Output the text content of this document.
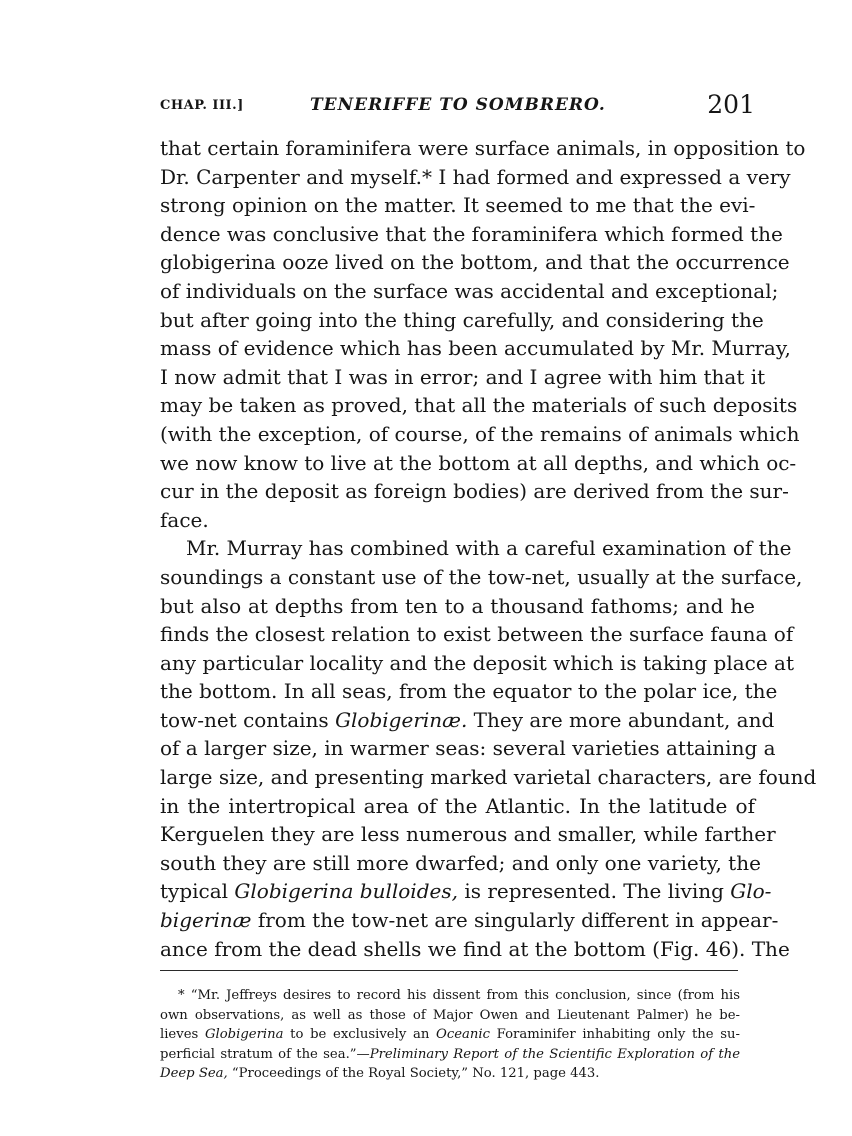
CHAP. III.]	TENERIFFE TO SOMBRERO.	201
that certain foraminifera were surface animals, in opposition to
Dr. Carpenter and myself.* I had formed and expressed a very
strong opinion on the matter. It seemed to me that the evi-
dence was conclusive that the foraminifera which formed the
globigerina ooze lived on the bottom, and that the occurrence
of individuals on the surface was accidental and exceptional;
but after going into the thing carefully, and considering the
mass of evidence which has been accumulated by Mr. Murray,
I now admit that I was in error; and I agree with him that it
may be taken as proved, that all the materials of such deposits
(with the exception, of course, of the remains of animals which
we now know to live at the bottom at all depths, and which oc-
cur in the deposit as foreign bodies) are derived from the sur-
face.
Mr. Murray has combined with a careful examination of the
soundings a constant use of the tow-net, usually at the surface,
but also at depths from ten to a thousand fathoms; and he
finds the closest relation to exist between the surface fauna of
any particular locality and the deposit which is taking place at
the bottom. In all seas, from the equator to the polar ice, the
tow-net contains Globigerinæ. They are more abundant, and
of a larger size, in warmer seas: several varieties attaining a
large size, and presenting marked varietal characters, are found
in the intertropical area of the Atlantic. In the latitude of
Kerguelen they are less numerous and smaller, while farther
south they are still more dwarfed; and only one variety, the
typical Globigerina bulloides, is represented. The living Glo-
bigerinæ from the tow-net are singularly different in appear-
ance from the dead shells we find at the bottom (Fig. 46). The
* “Mr. Jeffreys desires to record his dissent from this conclusion, since (from his
own observations, as well as those of Major Owen and Lieutenant Palmer) he be-
lieves Globigerina to be exclusively an Oceanic Foraminifer inhabiting only the su-
perficial stratum of the sea.”—Preliminary Report of the Scientific Exploration of the
Deep Sea, “Proceedings of the Royal Society,” No. 121, page 443.
